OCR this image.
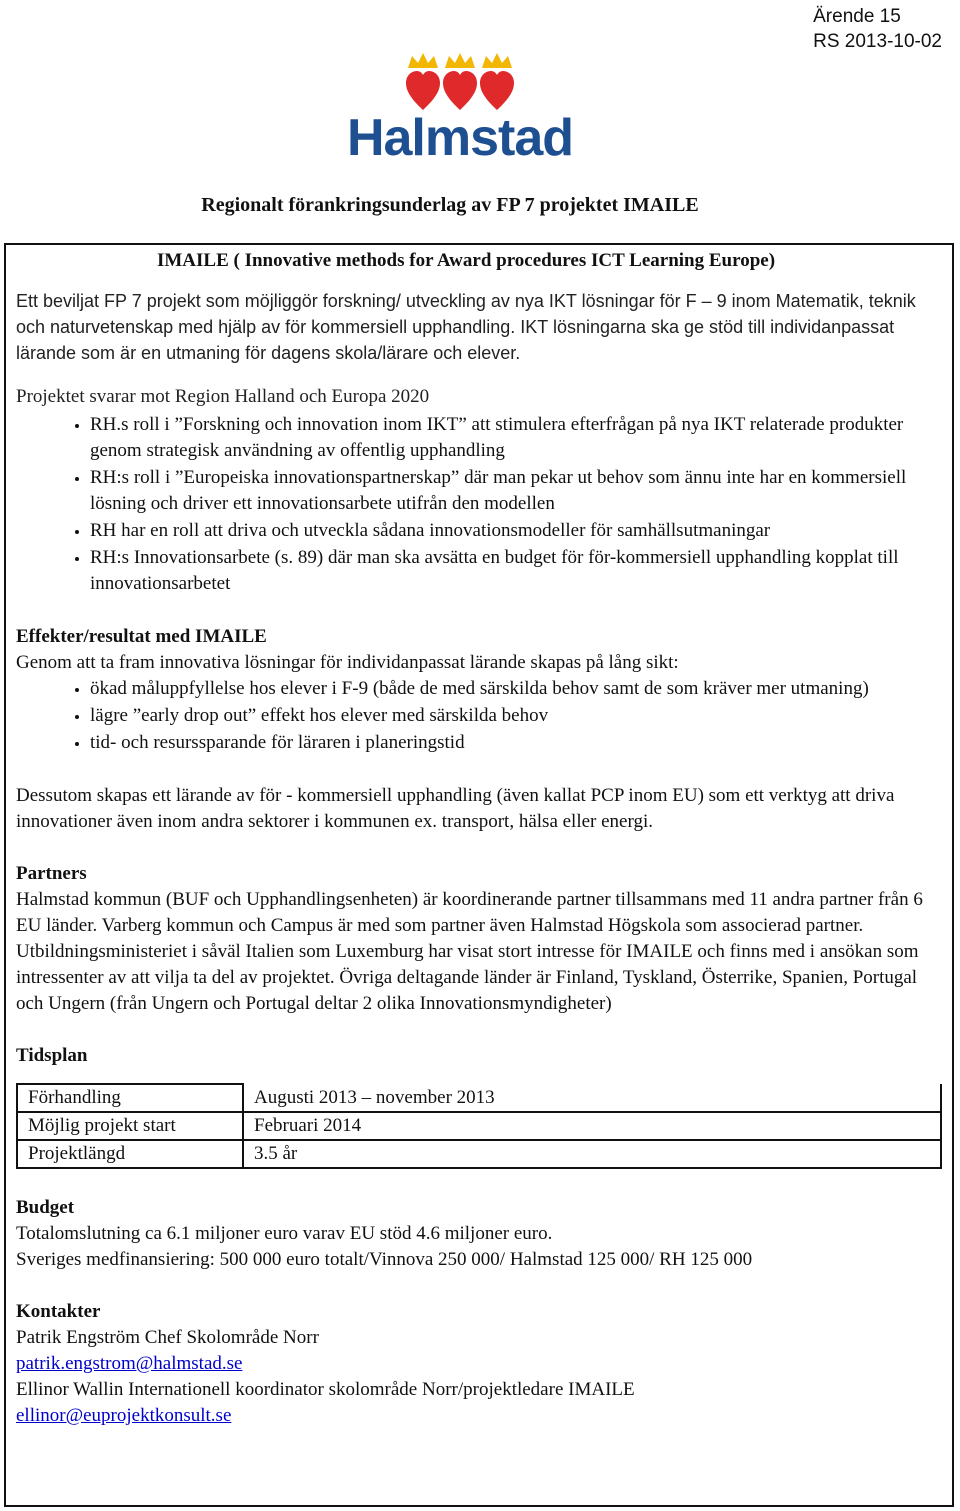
Ärende 15
RS 2013-10-02
Halmstad
Regionalt förankringsunderlag av FP 7 projektet IMAILE
IMAILE ( Innovative methods for Award procedures ICT Learning Europe)

Ett beviljat FP 7 projekt som möjliggör forskning/ utveckling av nya IKT lösningar för F – 9 inom Matematik, teknik och naturvetenskap med hjälp av för kommersiell upphandling. IKT lösningarna ska ge stöd till individanpassat lärande som är en utmaning för dagens skola/lärare och elever.

Projektet svarar mot Region Halland och Europa 2020
• RH.s roll i ”Forskning och innovation inom IKT” att stimulera efterfrågan på nya IKT relaterade produkter genom strategisk användning av offentlig upphandling
• RH:s roll i ”Europeiska innovationspartnerskap” där man pekar ut behov som ännu inte har en kommersiell lösning och driver ett innovationsarbete utifrån den modellen
• RH har en roll att driva och utveckla sådana innovationsmodeller för samhällsutmaningar
• RH:s Innovationsarbete (s. 89) där man ska avsätta en budget för för-kommersiell upphandling kopplat till innovationsarbetet
Effekter/resultat med IMAILE

Genom att ta fram innovativa lösningar för individanpassat lärande skapas på lång sikt:

• ökad måluppfyllelse hos elever i F-9 (både de med särskilda behov samt de som kräver mer utmaning)
• lägre ”early drop out” effekt hos elever med särskilda behov
• tid- och resurssparande för läraren i planeringstid

Dessutom skapas ett lärande av för - kommersiell upphandling (även kallat PCP inom EU) som ett verktyg att driva innovationer även inom andra sektorer i kommunen ex. transport, hälsa eller energi.

Partners

Halmstad kommun (BUF och Upphandlingsenheten) är koordinerande partner tillsammans med 11 andra partner från 6 EU länder. Varberg kommun och Campus är med som partner även Halmstad Högskola som associerad partner. Utbildningsministeriet i såväl Italien som Luxemburg har visat stort intresse för IMAILE och finns med i ansökan som intressenter av att vilja ta del av projektet. Övriga deltagande länder är Finland, Tyskland, Österrike, Spanien, Portugal och Ungern (från Ungern och Portugal deltar 2 olika Innovationsmyndigheter)

Tidsplan
Förhandling	Augusti 2013 – november 2013
Möjlig projekt start	Februari 2014
Projektlängd	3.5 år
Budget

Totalomslutning ca 6.1 miljoner euro varav EU stöd 4.6 miljoner euro.

Sveriges medfinansiering: 500 000 euro totalt/Vinnova 250 000/ Halmstad 125 000/ RH 125 000

Kontakter

Patrik Engström Chef Skolområde Norr

patrik.engstrom@halmstad.se

Ellinor Wallin Internationell koordinator skolområde Norr/projektledare IMAILE

ellinor@euprojektkonsult.se
